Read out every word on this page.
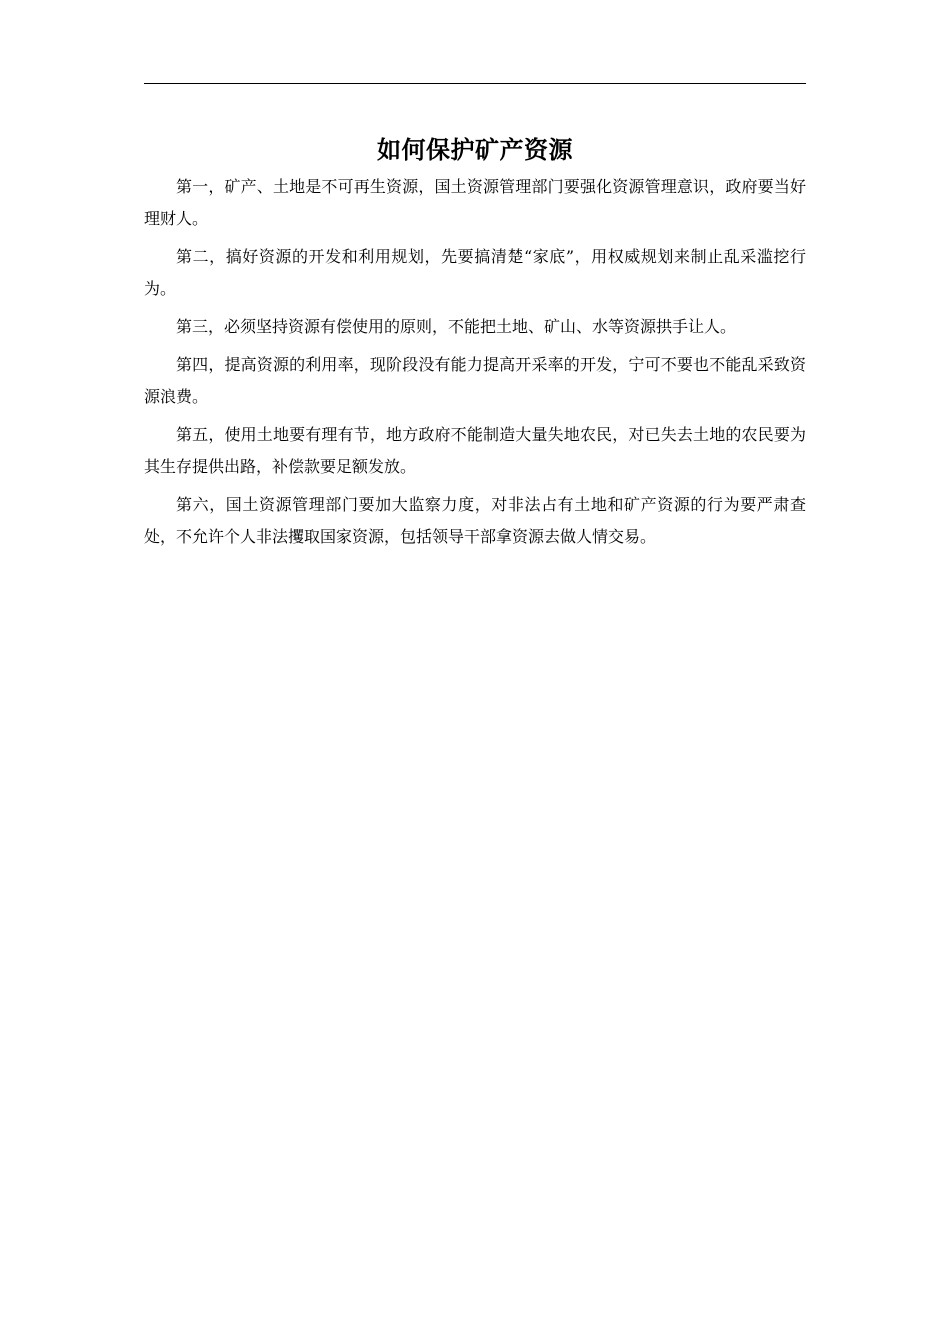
如何保护矿产资源

第一，矿产、土地是不可再生资源，国土资源管理部门要强化资源管理意识，政府要当好理财人。

第二，搞好资源的开发和利用规划，先要搞清楚“家底”，用权威规划来制止乱采滥挖行为。

第三，必须坚持资源有偿使用的原则，不能把土地、矿山、水等资源拱手让人。

第四，提高资源的利用率，现阶段没有能力提高开采率的开发，宁可不要也不能乱采致资源浪费。

第五，使用土地要有理有节，地方政府不能制造大量失地农民，对已失去土地的农民要为其生存提供出路，补偿款要足额发放。

第六，国土资源管理部门要加大监察力度，对非法占有土地和矿产资源的行为要严肃查处，不允许个人非法攫取国家资源，包括领导干部拿资源去做人情交易。
